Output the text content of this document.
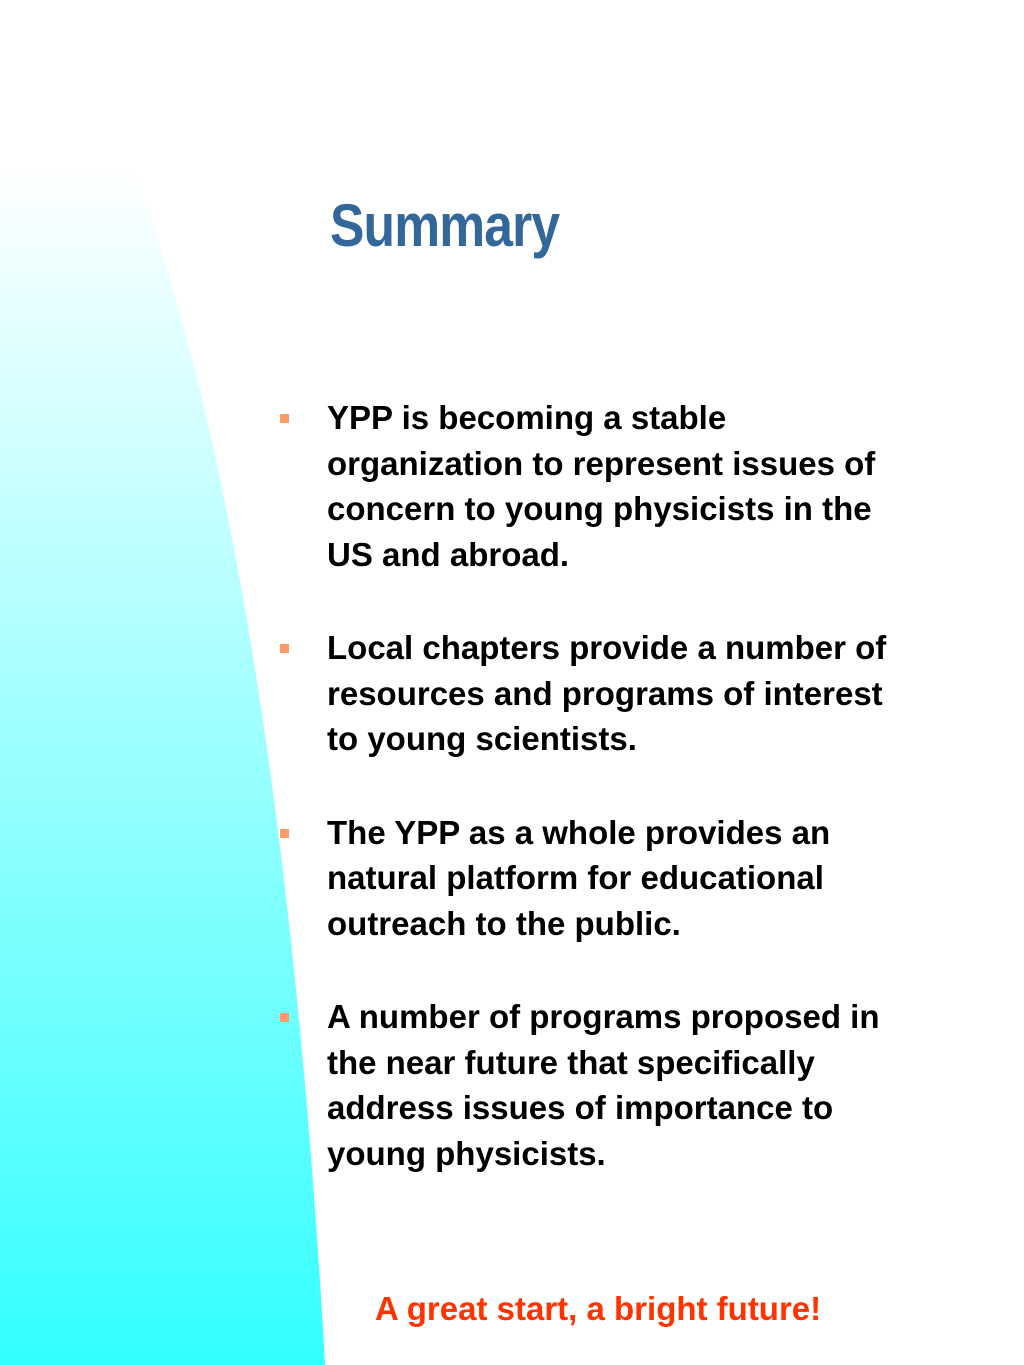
Summary
YPP is becoming a stable
organization to represent issues of
concern to young physicists in the
US and abroad.
Local chapters provide a number of
resources and programs of interest
to young scientists.
The YPP as a whole provides an
natural platform for educational
outreach to the public.
A number of programs proposed in
the near future that specifically
address issues of importance to
young physicists.

A great start, a bright future!
